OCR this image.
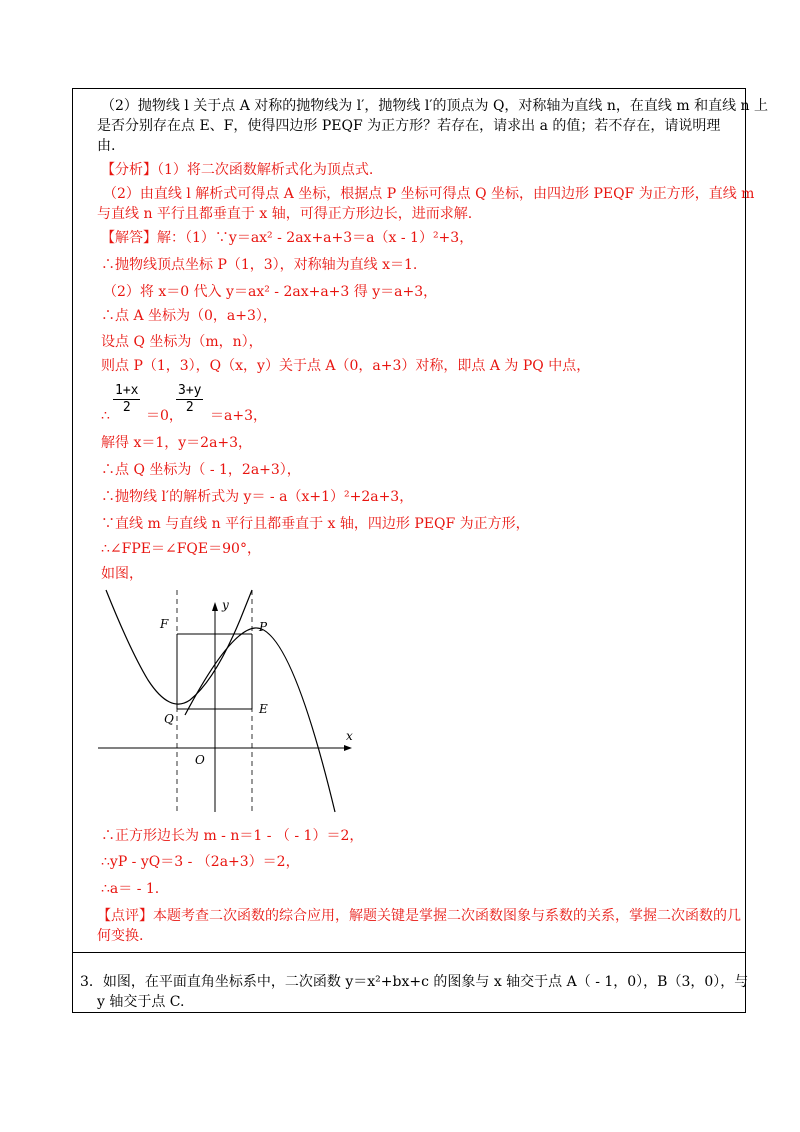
（2）抛物线 l 关于点 A 对称的抛物线为 l′，抛物线 l′的顶点为 Q，对称轴为直线 n，在直线 m 和直线 n 上
是否分别存在点 E、F，使得四边形 PEQF 为正方形？若存在，请求出 a 的值；若不存在，请说明理
由.
【分析】（1）将二次函数解析式化为顶点式.
（2）由直线 l 解析式可得点 A 坐标，根据点 P 坐标可得点 Q 坐标，由四边形 PEQF 为正方形，直线 m
与直线 n 平行且都垂直于 x 轴，可得正方形边长，进而求解.
【解答】解：（1）∵y＝ax² - 2ax+a+3＝a（x - 1）²+3，
∴抛物线顶点坐标 P（1，3），对称轴为直线 x＝1.
（2）将 x＝0 代入 y＝ax² - 2ax+a+3 得 y＝a+3，
∴点 A 坐标为（0，a+3），
设点 Q 坐标为（m，n），
则点 P（1，3），Q（x，y）关于点 A（0，a+3）对称，即点 A 为 PQ 中点，
$\frac{1+x}{2}$	$\frac{3+y}{2}$
∴	＝0， ＝a+3，
解得 x＝1，y＝2a+3，
∴点 Q 坐标为（ - 1，2a+3），
∴抛物线 l′的解析式为 y＝ - a（x+1）²+2a+3，
∵直线 m 与直线 n 平行且都垂直于 x 轴，四边形 PEQF 为正方形，
∴∠FPE＝∠FQE＝90°，
如图，
F	P
Q
E
O
x
y
∴正方形边长为 m - n＝1 - （ - 1）＝2，
∴yP - yQ＝3 - （2a+3）＝2，
∴a＝ - 1.
【点评】本题考查二次函数的综合应用，解题关键是掌握二次函数图象与系数的关系，掌握二次函数的几
何变换.
3．如图，在平面直角坐标系中，二次函数 y＝x²+bx+c 的图象与 x 轴交于点 A（ - 1，0），B（3，0），与
y 轴交于点 C.
